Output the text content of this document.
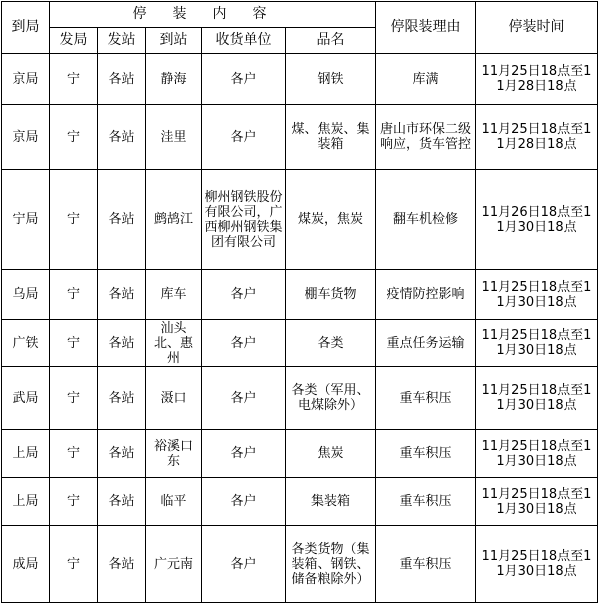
到局	停装内容					停限装理由	停装时间
	发局	发站	到站	收货单位	品名		
京局	宁	各站	静海	各户	钢铁	库满	11月25日18点至11月28日18点
京局	宁	各站	洼里	各户	煤、焦炭、集装箱	唐山市环保二级响应，货车管控	11月25日18点至11月28日18点
宁局	宁	各站	鹧鸪江	柳州钢铁股份有限公司，广西柳州钢铁集团有限公司	煤炭，焦炭	翻车机检修	11月26日18点至11月30日18点
乌局	宁	各站	库车	各户	棚车货物	疫情防控影响	11月25日18点至11月30日18点
广铁	宁	各站	汕头北、惠州	各户	各类	重点任务运输	11月25日18点至11月30日18点
武局	宁	各站	滠口	各户	各类（军用、电煤除外）	重车积压	11月25日18点至11月30日18点
上局	宁	各站	裕溪口东	各户	焦炭	重车积压	11月25日18点至11月30日18点
上局	宁	各站	临平	各户	集装箱	重车积压	11月25日18点至11月30日18点
成局	宁	各站	广元南	各户	各类货物（集装箱、钢铁、储备粮除外）	重车积压	11月25日18点至11月30日18点
